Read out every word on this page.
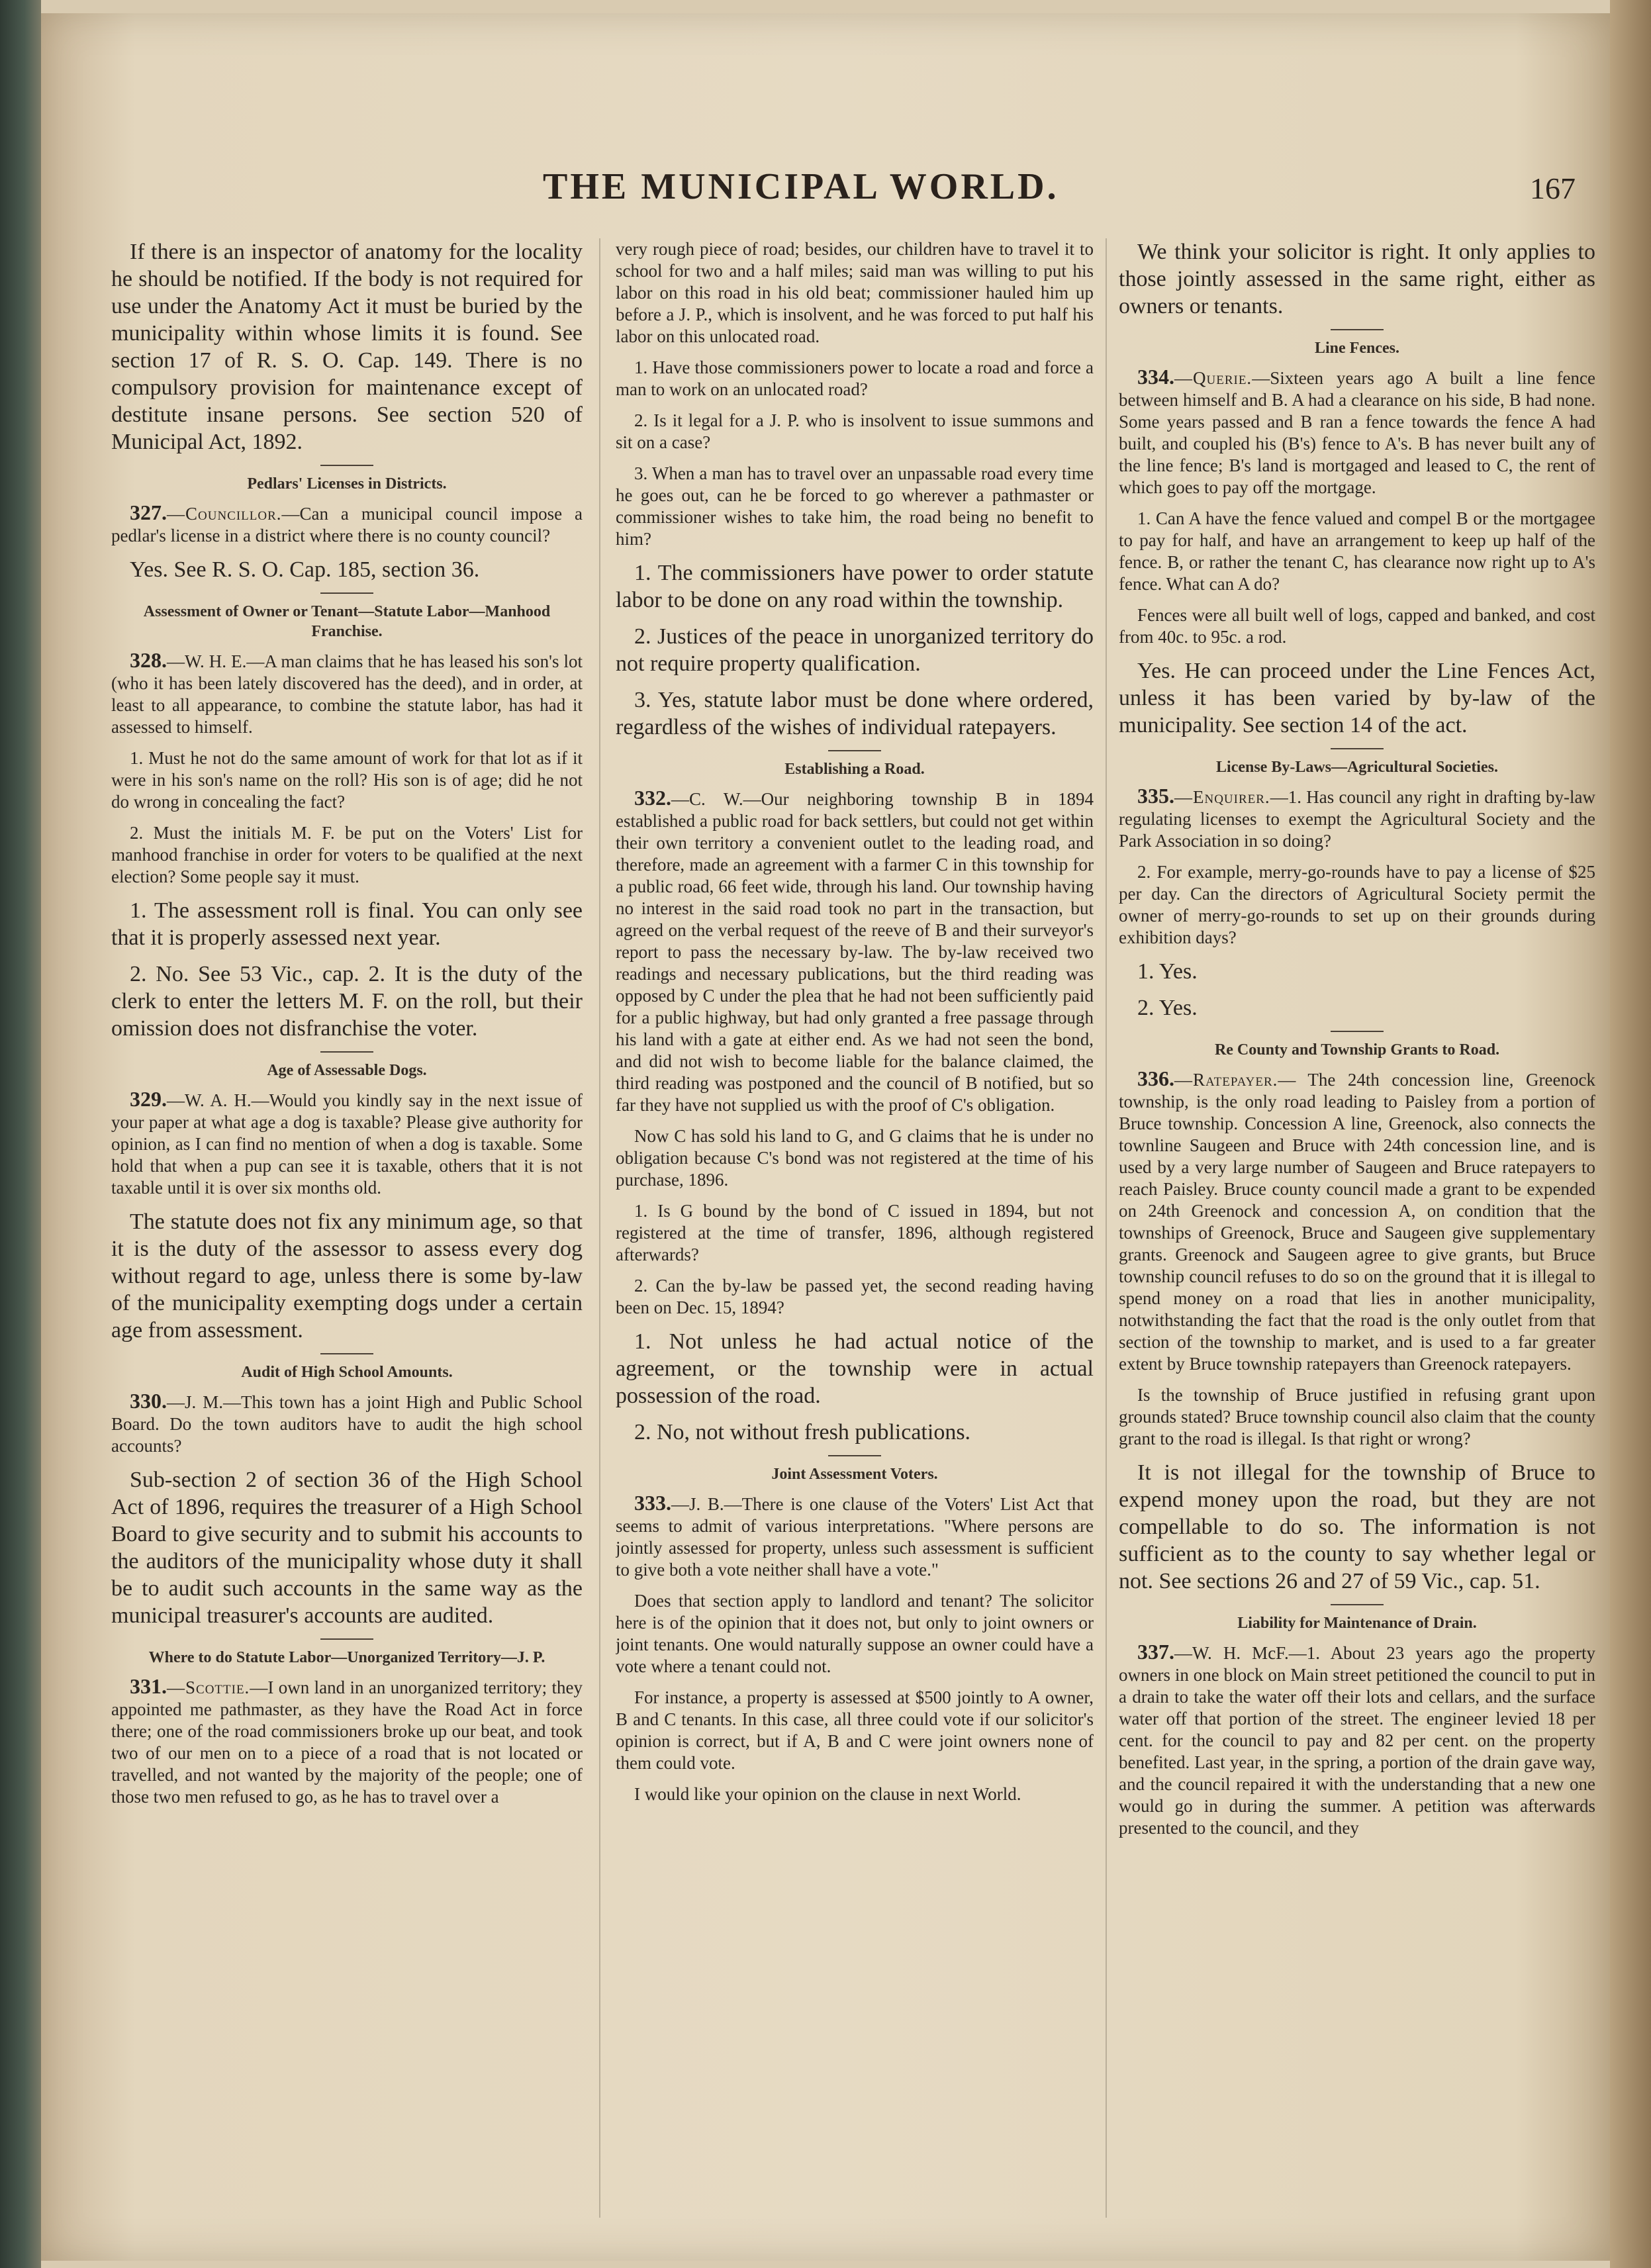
THE MUNICIPAL WORLD.	167

If there is an inspector of anatomy for the locality he should be notified. If the body is not required for use under the Anatomy Act it must be buried by the municipality within whose limits it is found. See section 17 of R. S. O. Cap. 149. There is no compulsory provision for maintenance except of destitute insane persons. See section 520 of Municipal Act, 1892.

Pedlars' Licenses in Districts.

327.—Councillor.—Can a municipal council impose a pedlar's license in a district where there is no county council?

Yes. See R. S. O. Cap. 185, section 36.

Assessment of Owner or Tenant—Statute Labor—Manhood Franchise.

328.—W. H. E.—A man claims that he has leased his son's lot (who it has been lately discovered has the deed), and in order, at least to all appearance, to combine the statute labor, has had it assessed to himself.

1. Must he not do the same amount of work for that lot as if it were in his son's name on the roll? His son is of age; did he not do wrong in concealing the fact?

2. Must the initials M. F. be put on the Voters' List for manhood franchise in order for voters to be qualified at the next election? Some people say it must.

1. The assessment roll is final. You can only see that it is properly assessed next year.

2. No. See 53 Vic., cap. 2. It is the duty of the clerk to enter the letters M. F. on the roll, but their omission does not disfranchise the voter.

Age of Assessable Dogs.

329.—W. A. H.—Would you kindly say in the next issue of your paper at what age a dog is taxable? Please give authority for opinion, as I can find no mention of when a dog is taxable. Some hold that when a pup can see it is taxable, others that it is not taxable until it is over six months old.

The statute does not fix any minimum age, so that it is the duty of the assessor to assess every dog without regard to age, unless there is some by-law of the municipality exempting dogs under a certain age from assessment.

Audit of High School Amounts.

330.—J. M.—This town has a joint High and Public School Board. Do the town auditors have to audit the high school accounts?

Sub-section 2 of section 36 of the High School Act of 1896, requires the treasurer of a High School Board to give security and to submit his accounts to the auditors of the municipality whose duty it shall be to audit such accounts in the same way as the municipal treasurer's accounts are audited.

Where to do Statute Labor—Unorganized Territory—J. P.

331.—Scottie.—I own land in an unorganized territory; they appointed me pathmaster, as they have the Road Act in force there; one of the road commissioners broke up our beat, and took two of our men on to a piece of a road that is not located or travelled, and not wanted by the majority of the people; one of those two men refused to go, as he has to travel over a

very rough piece of road; besides, our children have to travel it to school for two and a half miles; said man was willing to put his labor on this road in his old beat; commissioner hauled him up before a J. P., which is insolvent, and he was forced to put half his labor on this unlocated road.

1. Have those commissioners power to locate a road and force a man to work on an unlocated road?

2. Is it legal for a J. P. who is insolvent to issue summons and sit on a case?

3. When a man has to travel over an unpassable road every time he goes out, can he be forced to go wherever a pathmaster or commissioner wishes to take him, the road being no benefit to him?

1. The commissioners have power to order statute labor to be done on any road within the township.

2. Justices of the peace in unorganized territory do not require property qualification.

3. Yes, statute labor must be done where ordered, regardless of the wishes of individual ratepayers.

Establishing a Road.

332.—C. W.—Our neighboring township B in 1894 established a public road for back settlers, but could not get within their own territory a convenient outlet to the leading road, and therefore, made an agreement with a farmer C in this township for a public road, 66 feet wide, through his land. Our township having no interest in the said road took no part in the transaction, but agreed on the verbal request of the reeve of B and their surveyor's report to pass the necessary by-law. The by-law received two readings and necessary publications, but the third reading was opposed by C under the plea that he had not been sufficiently paid for a public highway, but had only granted a free passage through his land with a gate at either end. As we had not seen the bond, and did not wish to become liable for the balance claimed, the third reading was postponed and the council of B notified, but so far they have not supplied us with the proof of C's obligation.

Now C has sold his land to G, and G claims that he is under no obligation because C's bond was not registered at the time of his purchase, 1896.

1. Is G bound by the bond of C issued in 1894, but not registered at the time of transfer, 1896, although registered afterwards?

2. Can the by-law be passed yet, the second reading having been on Dec. 15, 1894?

1. Not unless he had actual notice of the agreement, or the township were in actual possession of the road.

2. No, not without fresh publications.

Joint Assessment Voters.

333.—J. B.—There is one clause of the Voters' List Act that seems to admit of various interpretations. "Where persons are jointly assessed for property, unless such assessment is sufficient to give both a vote neither shall have a vote."

Does that section apply to landlord and tenant? The solicitor here is of the opinion that it does not, but only to joint owners or joint tenants. One would naturally suppose an owner could have a vote where a tenant could not.

For instance, a property is assessed at $500 jointly to A owner, B and C tenants. In this case, all three could vote if our solicitor's opinion is correct, but if A, B and C were joint owners none of them could vote.

I would like your opinion on the clause in next World.

We think your solicitor is right. It only applies to those jointly assessed in the same right, either as owners or tenants.

Line Fences.

334.—Querie.—Sixteen years ago A built a line fence between himself and B. A had a clearance on his side, B had none. Some years passed and B ran a fence towards the fence A had built, and coupled his (B's) fence to A's. B has never built any of the line fence; B's land is mortgaged and leased to C, the rent of which goes to pay off the mortgage.

1. Can A have the fence valued and compel B or the mortgagee to pay for half, and have an arrangement to keep up half of the fence. B, or rather the tenant C, has clearance now right up to A's fence. What can A do?

Fences were all built well of logs, capped and banked, and cost from 40c. to 95c. a rod.

Yes. He can proceed under the Line Fences Act, unless it has been varied by by-law of the municipality. See section 14 of the act.

License By-Laws—Agricultural Societies.

335.—Enquirer.—1. Has council any right in drafting by-law regulating licenses to exempt the Agricultural Society and the Park Association in so doing?

2. For example, merry-go-rounds have to pay a license of $25 per day. Can the directors of Agricultural Society permit the owner of merry-go-rounds to set up on their grounds during exhibition days?

1. Yes.

2. Yes.

Re County and Township Grants to Road.

336.—Ratepayer.— The 24th concession line, Greenock township, is the only road leading to Paisley from a portion of Bruce township. Concession A line, Greenock, also connects the townline Saugeen and Bruce with 24th concession line, and is used by a very large number of Saugeen and Bruce ratepayers to reach Paisley. Bruce county council made a grant to be expended on 24th Greenock and concession A, on condition that the townships of Greenock, Bruce and Saugeen give supplementary grants. Greenock and Saugeen agree to give grants, but Bruce township council refuses to do so on the ground that it is illegal to spend money on a road that lies in another municipality, notwithstanding the fact that the road is the only outlet from that section of the township to market, and is used to a far greater extent by Bruce township ratepayers than Greenock ratepayers.

Is the township of Bruce justified in refusing grant upon grounds stated? Bruce township council also claim that the county grant to the road is illegal. Is that right or wrong?

It is not illegal for the township of Bruce to expend money upon the road, but they are not compellable to do so. The information is not sufficient as to the county to say whether legal or not. See sections 26 and 27 of 59 Vic., cap. 51.

Liability for Maintenance of Drain.

337.—W. H. McF.—1. About 23 years ago the property owners in one block on Main street petitioned the council to put in a drain to take the water off their lots and cellars, and the surface water off that portion of the street. The engineer levied 18 per cent. for the council to pay and 82 per cent. on the property benefited. Last year, in the spring, a portion of the drain gave way, and the council repaired it with the understanding that a new one would go in during the summer. A petition was afterwards presented to the council, and they
